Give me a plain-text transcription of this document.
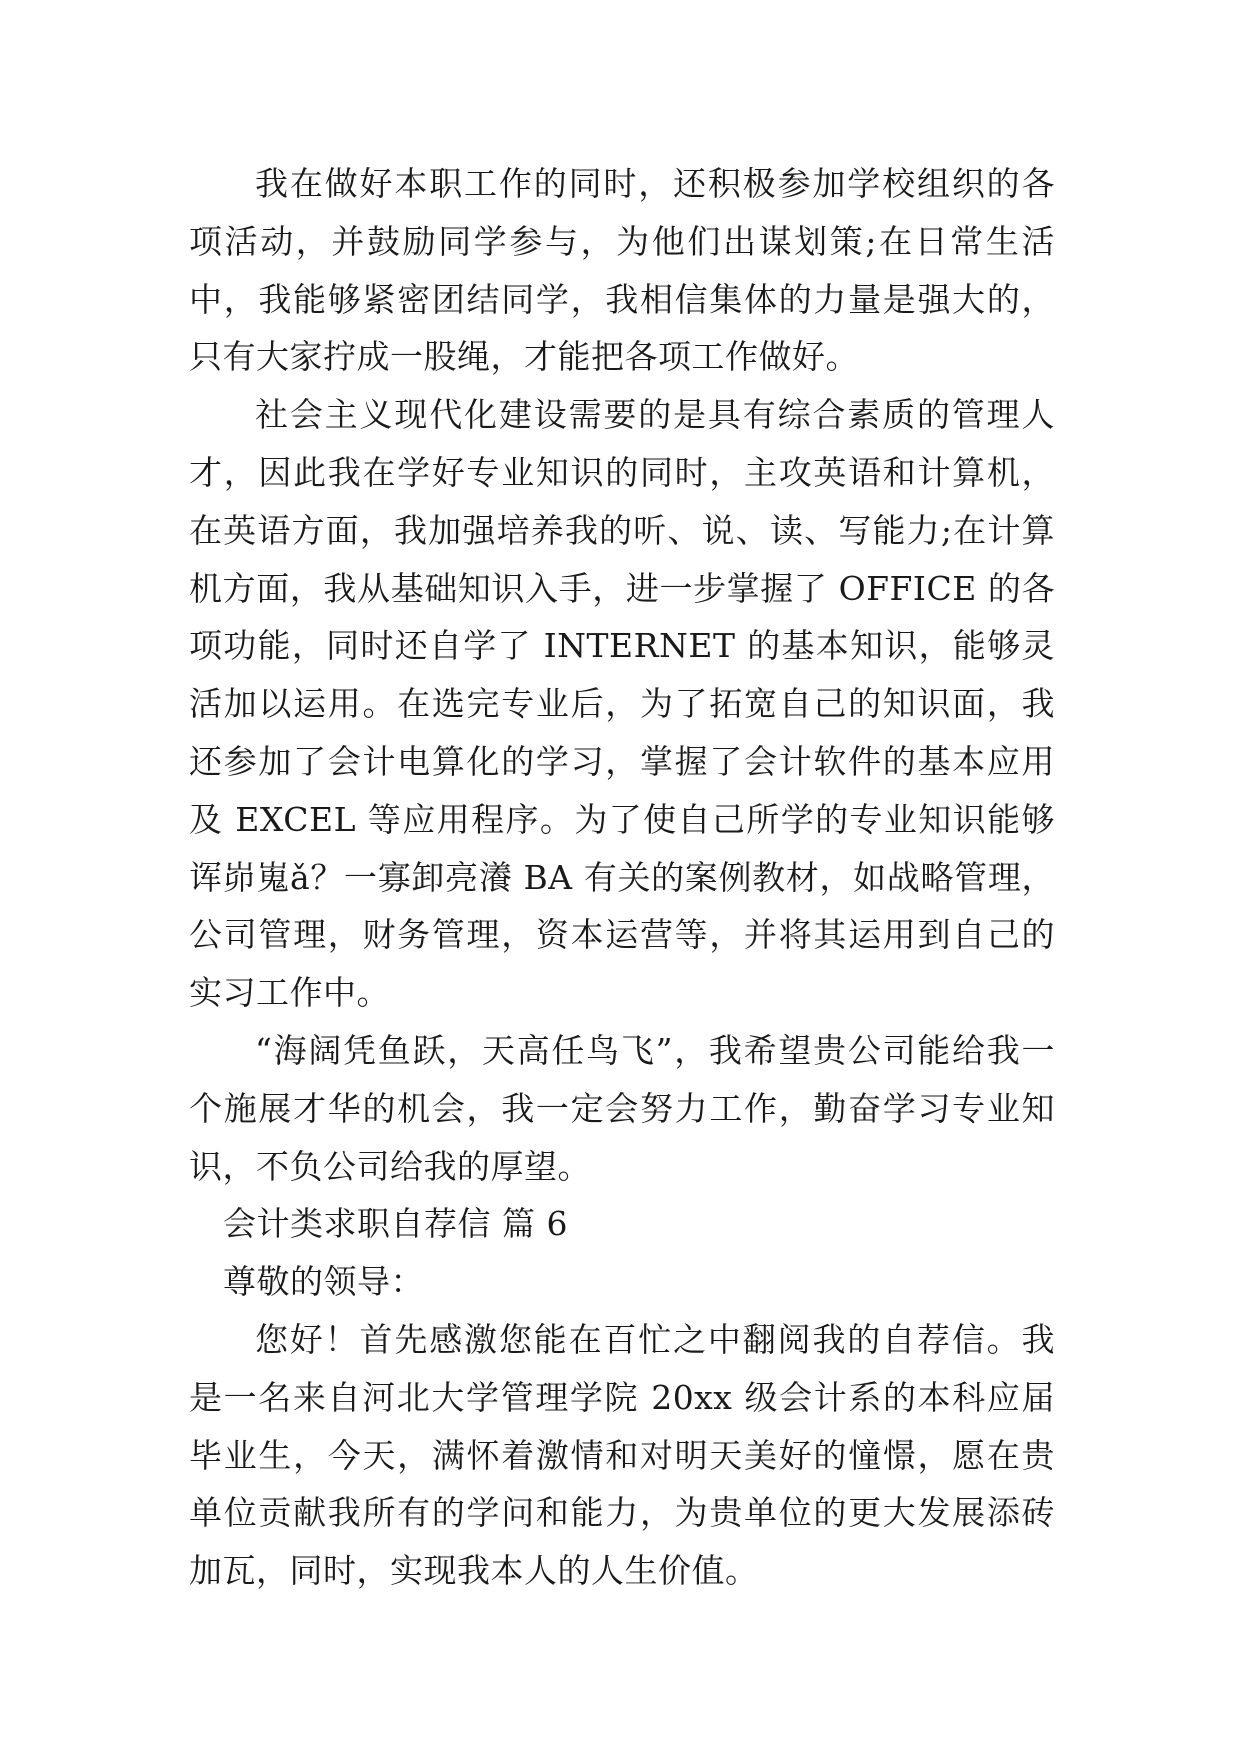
我在做好本职工作的同时，还积极参加学校组织的各项活动，并鼓励同学参与，为他们出谋划策;在日常生活中，我能够紧密团结同学，我相信集体的力量是强大的，只有大家拧成一股绳，才能把各项工作做好。

社会主义现代化建设需要的是具有综合素质的管理人才，因此我在学好专业知识的同时，主攻英语和计算机，在英语方面，我加强培养我的听、说、读、写能力;在计算机方面，我从基础知识入手，进一步掌握了 OFFICE 的各项功能，同时还自学了 INTERNET 的基本知识，能够灵活加以运用。在选完专业后，为了拓宽自己的知识面，我还参加了会计电算化的学习，掌握了会计软件的基本应用及 EXCEL 等应用程序。为了使自己所学的专业知识能够诨峁嵬ǎ？一寡卸亮瀁 BA 有关的案例教材，如战略管理，公司管理，财务管理，资本运营等，并将其运用到自己的实习工作中。

“海阔凭鱼跃，天高任鸟飞”，我希望贵公司能给我一个施展才华的机会，我一定会努力工作，勤奋学习专业知识，不负公司给我的厚望。

会计类求职自荐信 篇 6

尊敬的领导：

您好！首先感激您能在百忙之中翻阅我的自荐信。我是一名来自河北大学管理学院 20xx 级会计系的本科应届毕业生，今天，满怀着激情和对明天美好的憧憬，愿在贵单位贡献我所有的学问和能力，为贵单位的更大发展添砖加瓦，同时，实现我本人的人生价值。
